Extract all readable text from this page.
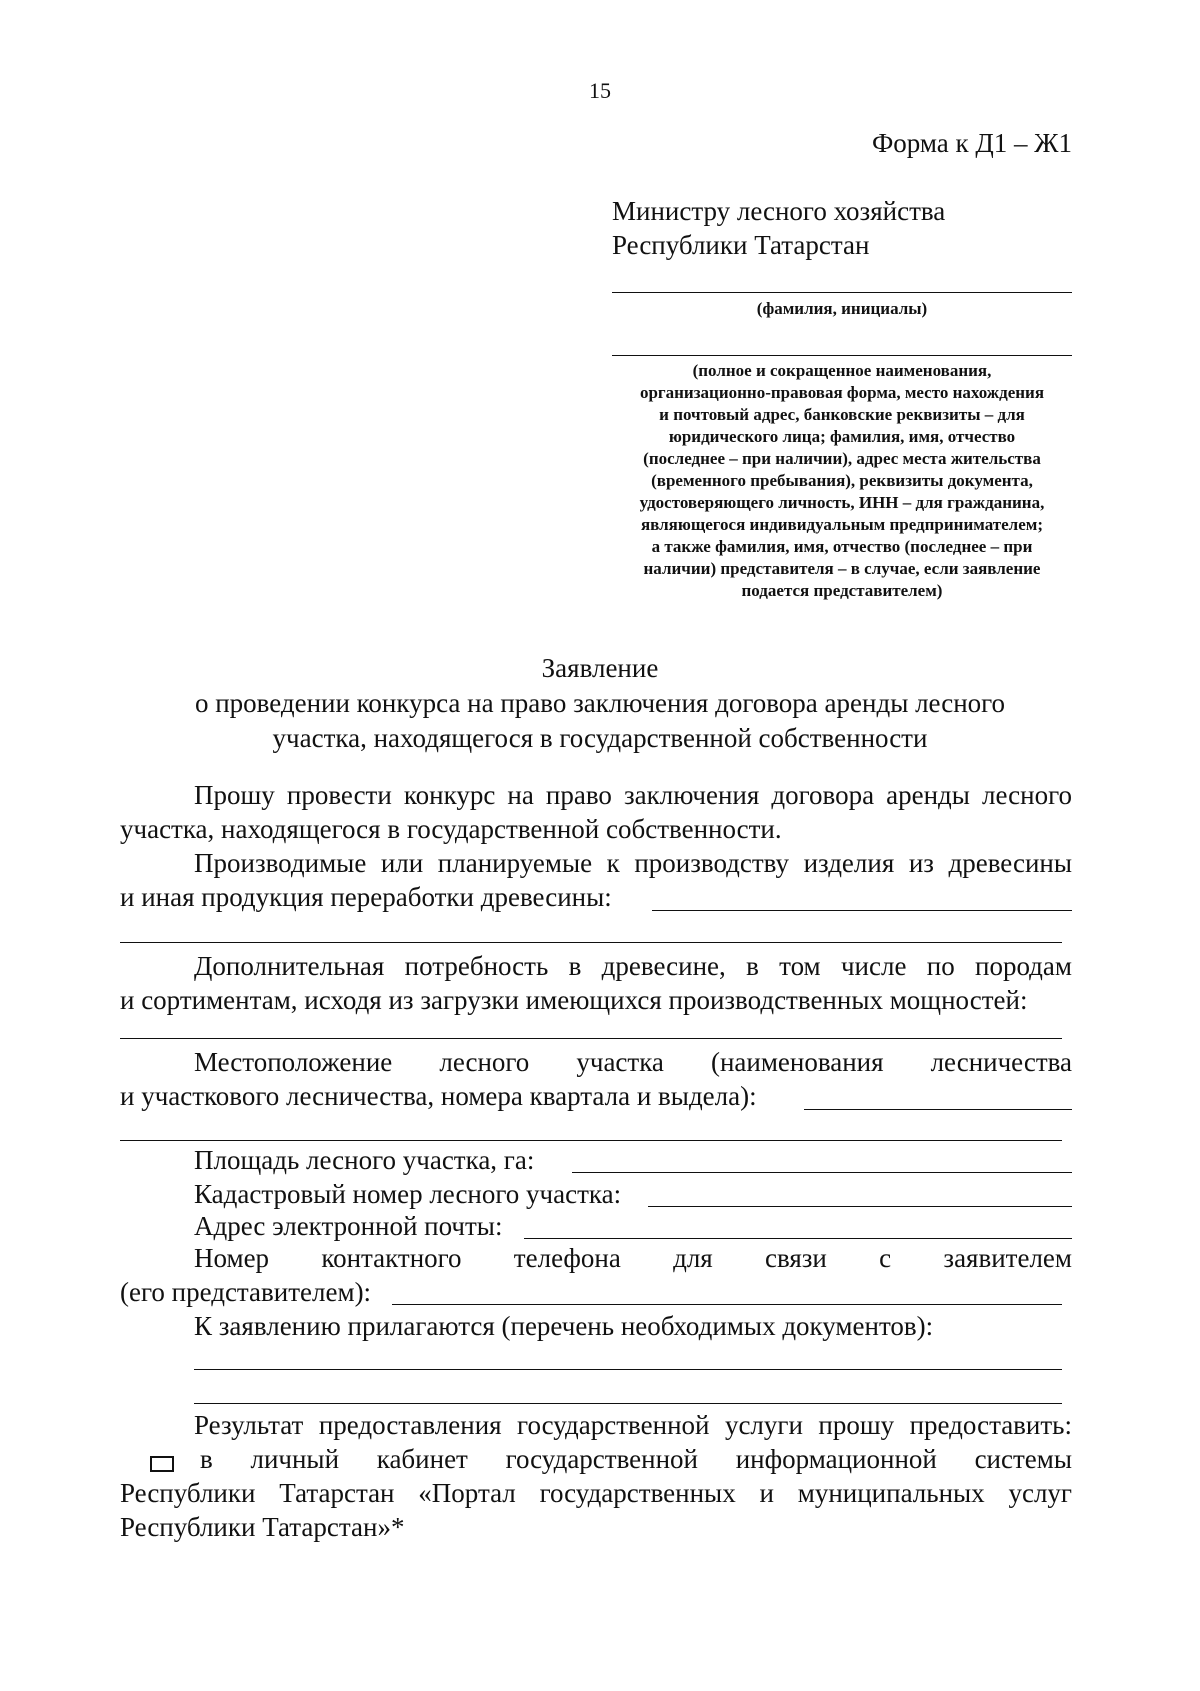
15
Форма к Д1 – Ж1
Министру лесного хозяйства
Республики Татарстан
(фамилия, инициалы)
(полное и сокращенное наименования,
организационно-правовая форма, место нахождения
и почтовый адрес, банковские реквизиты – для
юридического лица; фамилия, имя, отчество
(последнее – при наличии), адрес места жительства
(временного пребывания), реквизиты документа,
удостоверяющего личность, ИНН – для гражданина,
являющегося индивидуальным предпринимателем;
а также фамилия, имя, отчество (последнее – при
наличии) представителя – в случае, если заявление
подается представителем)
Заявление
о проведении конкурса на право заключения договора аренды лесного
участка, находящегося в государственной собственности
Прошу провести конкурс на право заключения договора аренды лесного
участка, находящегося в государственной собственности.
Производимые или планируемые к производству изделия из древесины
и иная продукция переработки древесины:
Дополнительная потребность в древесине, в том числе по породам
и сортиментам, исходя из загрузки имеющихся производственных мощностей:
Местоположение лесного участка (наименования лесничества
и участкового лесничества, номера квартала и выдела):
Площадь лесного участка, га:
Кадастровый номер лесного участка:
Адрес электронной почты:
Номер контактного телефона для связи с заявителем
(его представителем):
К заявлению прилагаются (перечень необходимых документов):
Результат предоставления государственной услуги прошу предоставить:
в личный кабинет государственной информационной системы
Республики Татарстан «Портал государственных и муниципальных услуг
Республики Татарстан»*
